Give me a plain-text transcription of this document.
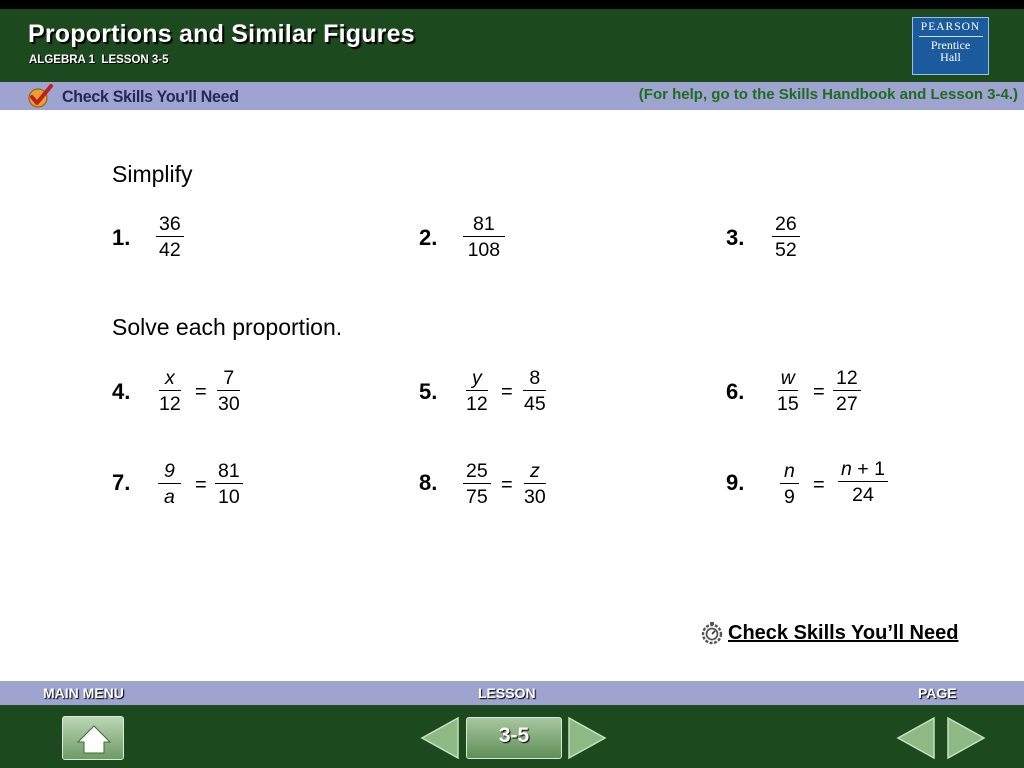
Proportions and Similar Figures
ALGEBRA 1  LESSON 3-5
PEARSON
Prentice
Hall
Check Skills You'll Need	(For help, go to the Skills Handbook and Lesson 3-4.)
Simplify
1. $\frac{36}{42}$	2. $\frac{81}{108}$	3. $\frac{26}{52}$
Solve each proportion.
4. $\frac{x}{12} = \frac{7}{30}$	5. $\frac{y}{12} = \frac{8}{45}$	6. $\frac{w}{15} = \frac{12}{27}$
7. $\frac{9}{a} = \frac{81}{10}$	8. $\frac{25}{75} = \frac{z}{30}$	9. $\frac{n}{9} = \frac{n + 1}{24}$
Check Skills You’ll Need
MAIN MENU	LESSON	PAGE
3-5
